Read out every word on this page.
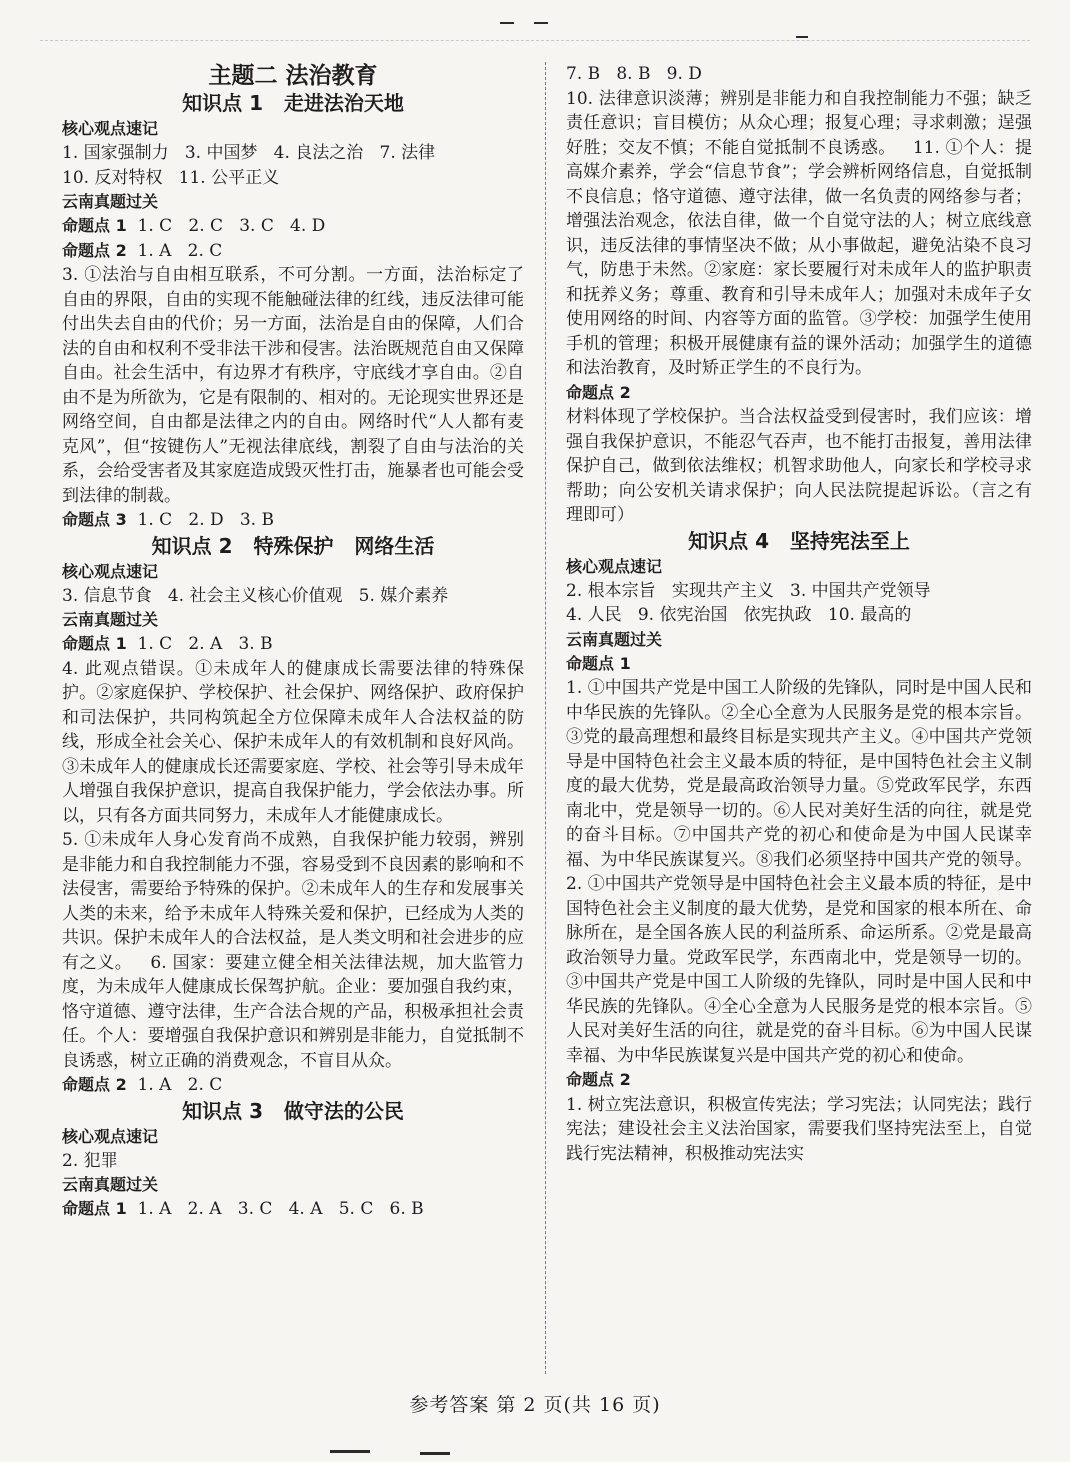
主题二 法治教育

知识点 1   走进法治天地

核心观点速记

1. 国家强制力   3. 中国梦   4. 良法之治   7. 法律

10. 反对特权   11. 公平正义

云南真题过关

命题点 1 1. C   2. C   3. C   4. D

命题点 2 1. A   2. C

3. ①法治与自由相互联系，不可分割。一方面，法治标定了自由的界限，自由的实现不能触碰法律的红线，违反法律可能付出失去自由的代价；另一方面，法治是自由的保障，人们合法的自由和权利不受非法干涉和侵害。法治既规范自由又保障自由。社会生活中，有边界才有秩序，守底线才享自由。②自由不是为所欲为，它是有限制的、相对的。无论现实世界还是网络空间，自由都是法律之内的自由。网络时代“人人都有麦克风”，但“按键伤人”无视法律底线，割裂了自由与法治的关系，会给受害者及其家庭造成毁灭性打击，施暴者也可能会受到法律的制裁。

命题点 3 1. C   2. D   3. B

知识点 2   特殊保护   网络生活

核心观点速记

3. 信息节食   4. 社会主义核心价值观   5. 媒介素养

云南真题过关

命题点 1 1. C   2. A   3. B

4. 此观点错误。①未成年人的健康成长需要法律的特殊保护。②家庭保护、学校保护、社会保护、网络保护、政府保护和司法保护，共同构筑起全方位保障未成年人合法权益的防线，形成全社会关心、保护未成年人的有效机制和良好风尚。③未成年人的健康成长还需要家庭、学校、社会等引导未成年人增强自我保护意识，提高自我保护能力，学会依法办事。所以，只有各方面共同努力，未成年人才能健康成长。
5. ①未成年人身心发育尚不成熟，自我保护能力较弱，辨别是非能力和自我控制能力不强，容易受到不良因素的影响和不法侵害，需要给予特殊的保护。②未成年人的生存和发展事关人类的未来，给予未成年人特殊关爱和保护，已经成为人类的共识。保护未成年人的合法权益，是人类文明和社会进步的应有之义。   6. 国家：要建立健全相关法律法规，加大监管力度，为未成年人健康成长保驾护航。企业：要加强自我约束，恪守道德、遵守法律，生产合法合规的产品，积极承担社会责任。个人：要增强自我保护意识和辨别是非能力，自觉抵制不良诱惑，树立正确的消费观念，不盲目从众。

命题点 2 1. A   2. C

知识点 3   做守法的公民

核心观点速记

2. 犯罪

云南真题过关

命题点 1 1. A   2. A   3. C   4. A   5. C   6. B

7. B   8. B   9. D

10. 法律意识淡薄；辨别是非能力和自我控制能力不强；缺乏责任意识；盲目模仿；从众心理；报复心理；寻求刺激；逞强好胜；交友不慎；不能自觉抵制不良诱惑。   11. ①个人：提高媒介素养，学会“信息节食”；学会辨析网络信息，自觉抵制不良信息；恪守道德、遵守法律，做一名负责的网络参与者；增强法治观念，依法自律，做一个自觉守法的人；树立底线意识，违反法律的事情坚决不做；从小事做起，避免沾染不良习气，防患于未然。②家庭：家长要履行对未成年人的监护职责和抚养义务；尊重、教育和引导未成年人；加强对未成年子女使用网络的时间、内容等方面的监管。③学校：加强学生使用手机的管理；积极开展健康有益的课外活动；加强学生的道德和法治教育，及时矫正学生的不良行为。

命题点 2

材料体现了学校保护。当合法权益受到侵害时，我们应该：增强自我保护意识，不能忍气吞声，也不能打击报复，善用法律保护自己，做到依法维权；机智求助他人，向家长和学校寻求帮助；向公安机关请求保护；向人民法院提起诉讼。（言之有理即可）

知识点 4   坚持宪法至上

核心观点速记

2. 根本宗旨   实现共产主义   3. 中国共产党领导

4. 人民   9. 依宪治国   依宪执政   10. 最高的

云南真题过关

命题点 1

1. ①中国共产党是中国工人阶级的先锋队，同时是中国人民和中华民族的先锋队。②全心全意为人民服务是党的根本宗旨。③党的最高理想和最终目标是实现共产主义。④中国共产党领导是中国特色社会主义最本质的特征，是中国特色社会主义制度的最大优势，党是最高政治领导力量。⑤党政军民学，东西南北中，党是领导一切的。⑥人民对美好生活的向往，就是党的奋斗目标。⑦中国共产党的初心和使命是为中国人民谋幸福、为中华民族谋复兴。⑧我们必须坚持中国共产党的领导。   2. ①中国共产党领导是中国特色社会主义最本质的特征，是中国特色社会主义制度的最大优势，是党和国家的根本所在、命脉所在，是全国各族人民的利益所系、命运所系。②党是最高政治领导力量。党政军民学，东西南北中，党是领导一切的。③中国共产党是中国工人阶级的先锋队，同时是中国人民和中华民族的先锋队。④全心全意为人民服务是党的根本宗旨。⑤人民对美好生活的向往，就是党的奋斗目标。⑥为中国人民谋幸福、为中华民族谋复兴是中国共产党的初心和使命。

命题点 2

1. 树立宪法意识，积极宣传宪法；学习宪法；认同宪法；践行宪法；建设社会主义法治国家，需要我们坚持宪法至上，自觉践行宪法精神，积极推动宪法实

参考答案 第 2 页(共 16 页)
